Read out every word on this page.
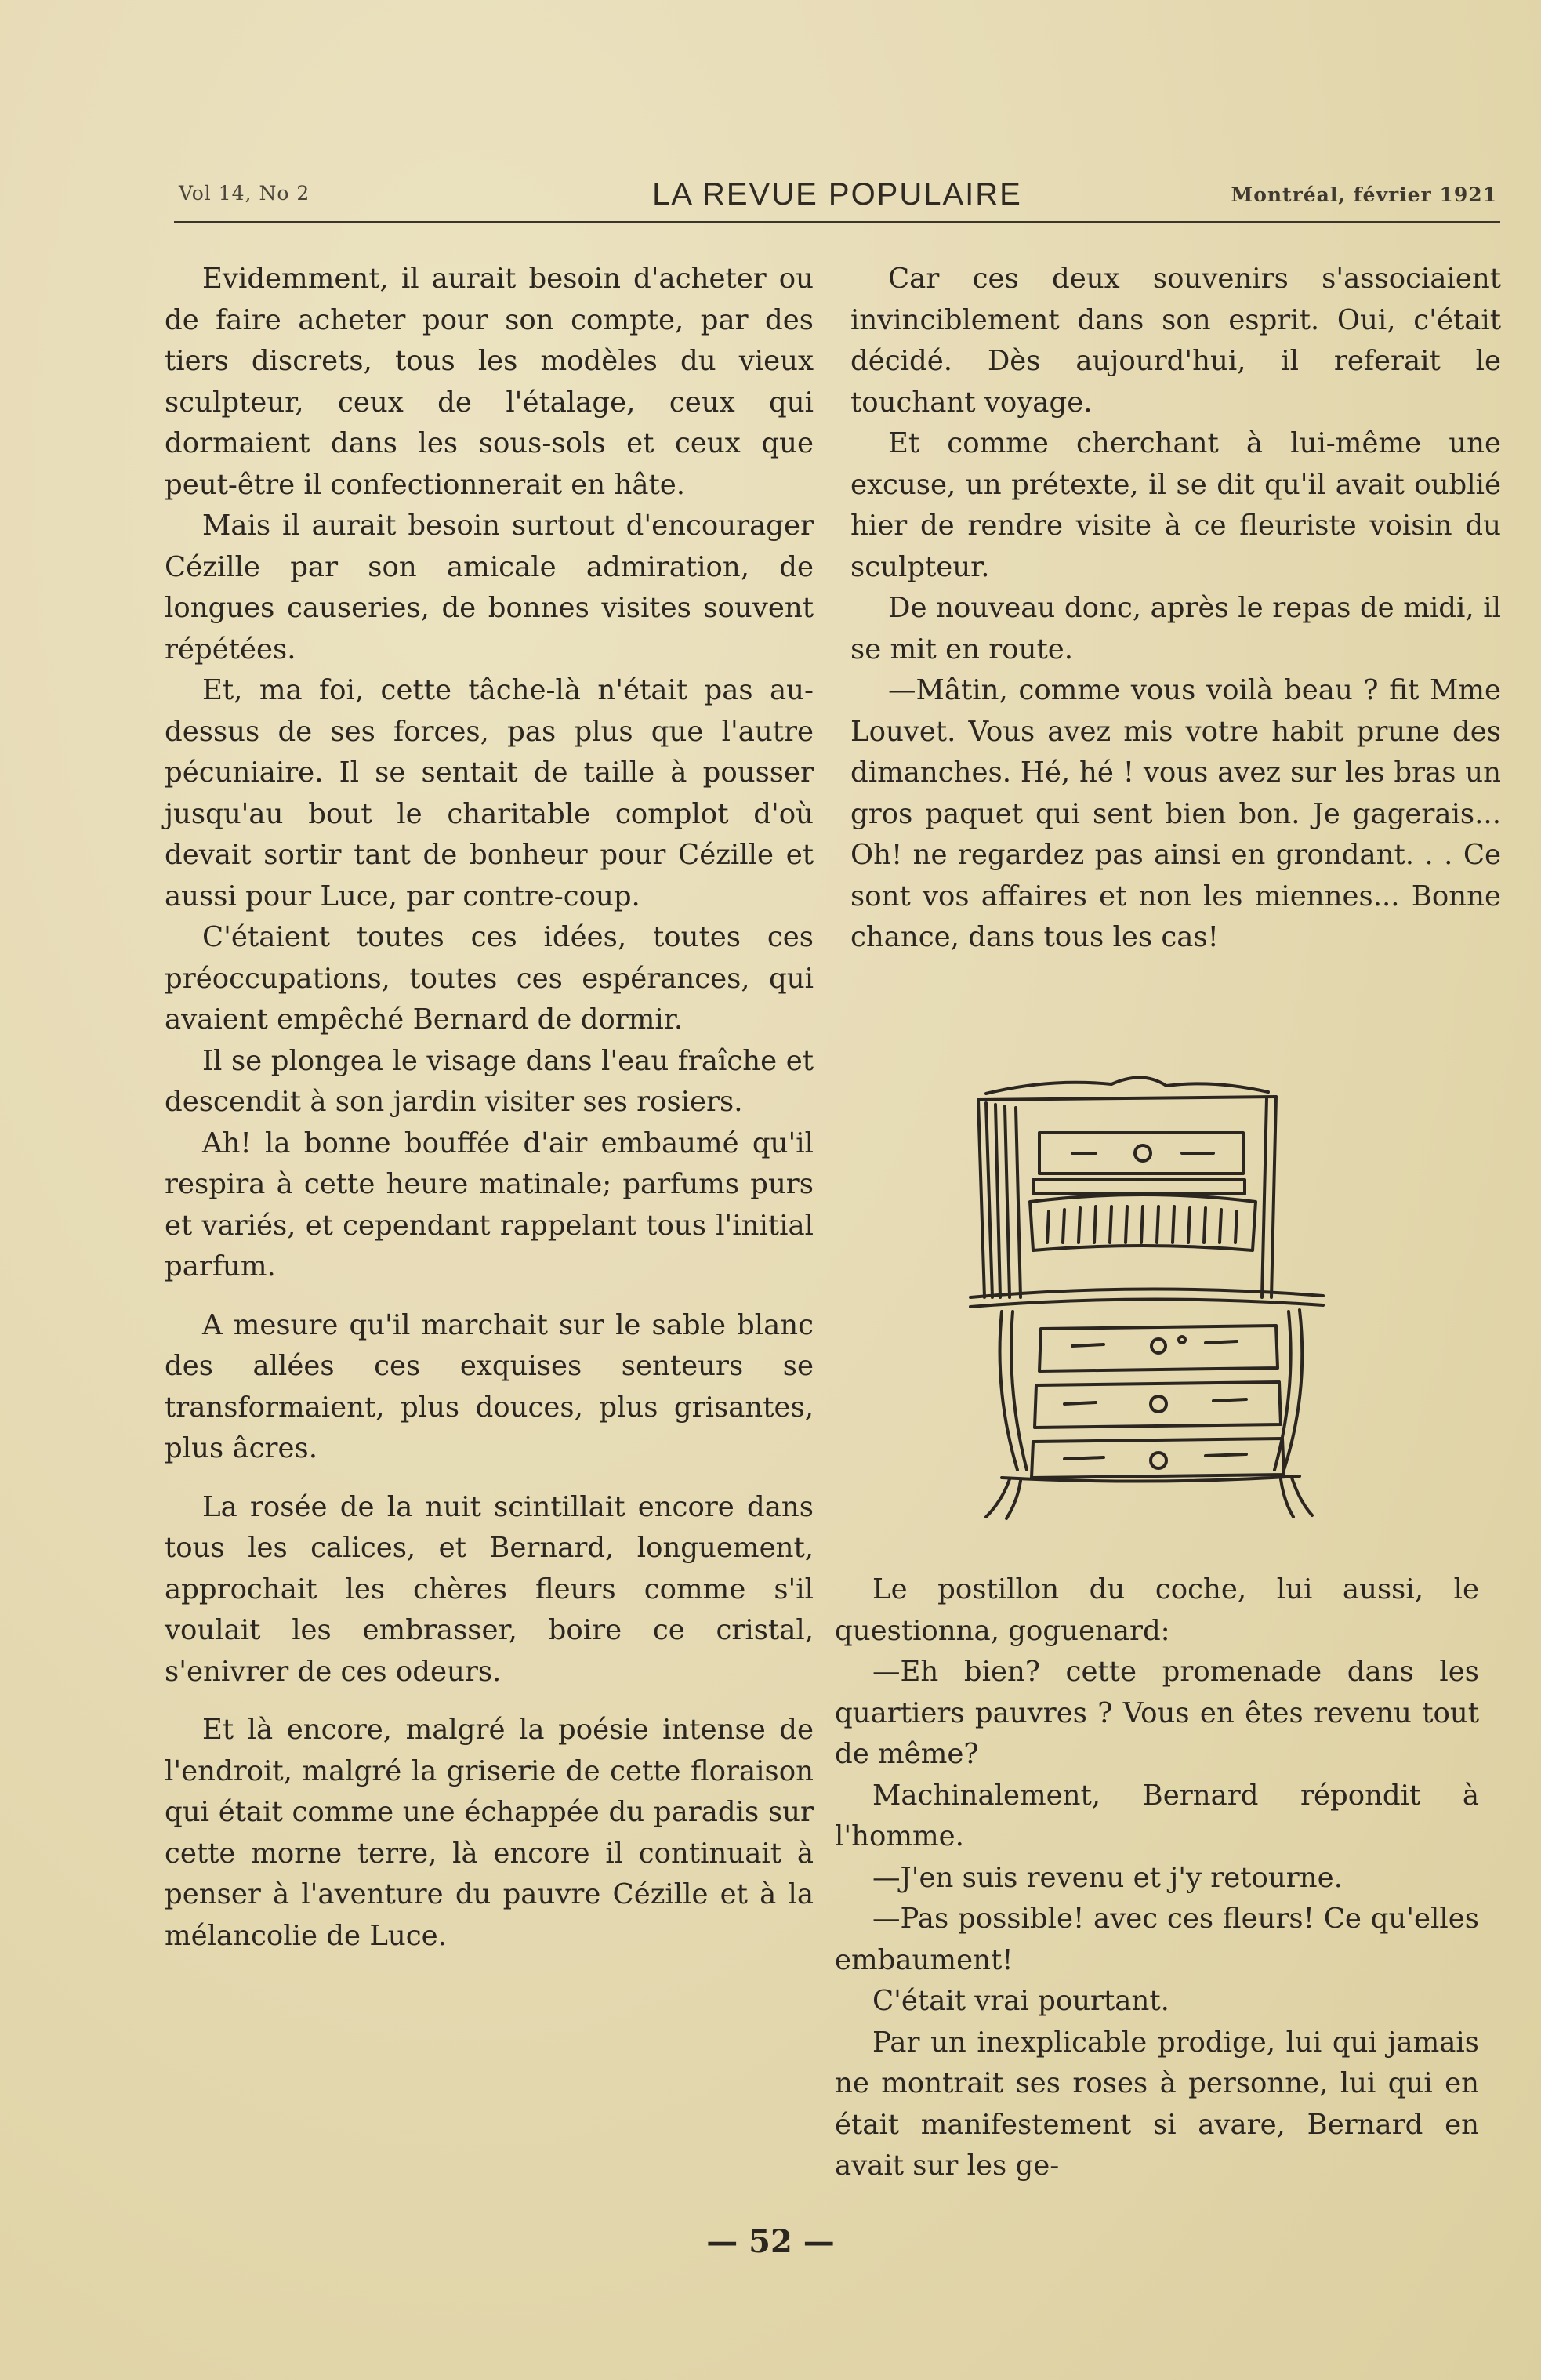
Vol 14, No 2	LA REVUE POPULAIRE	Montréal, février 1921

Evidemment, il aurait besoin d'acheter ou de faire acheter pour son compte, par des tiers discrets, tous les modèles du vieux sculpteur, ceux de l'étalage, ceux qui dormaient dans les sous-sols et ceux que peut-être il confectionnerait en hâte.

Mais il aurait besoin surtout d'encourager Cézille par son amicale admiration, de longues causeries, de bonnes visites souvent répétées.

Et, ma foi, cette tâche-là n'était pas au-dessus de ses forces, pas plus que l'autre pécuniaire. Il se sentait de taille à pousser jusqu'au bout le charitable complot d'où devait sortir tant de bonheur pour Cézille et aussi pour Luce, par contre-coup.

C'étaient toutes ces idées, toutes ces préoccupations, toutes ces espérances, qui avaient empêché Bernard de dormir.

Il se plongea le visage dans l'eau fraîche et descendit à son jardin visiter ses rosiers.

Ah! la bonne bouffée d'air embaumé qu'il respira à cette heure matinale; parfums purs et variés, et cependant rappelant tous l'initial parfum.

A mesure qu'il marchait sur le sable blanc des allées ces exquises senteurs se transformaient, plus douces, plus grisantes, plus âcres.

La rosée de la nuit scintillait encore dans tous les calices, et Bernard, longuement, approchait les chères fleurs comme s'il voulait les embrasser, boire ce cristal, s'enivrer de ces odeurs.

Et là encore, malgré la poésie intense de l'endroit, malgré la griserie de cette floraison qui était comme une échappée du paradis sur cette morne terre, là encore il continuait à penser à l'aventure du pauvre Cézille et à la mélancolie de Luce.

Car ces deux souvenirs s'associaient invinciblement dans son esprit. Oui, c'était décidé. Dès aujourd'hui, il referait le touchant voyage.

Et comme cherchant à lui-même une excuse, un prétexte, il se dit qu'il avait oublié hier de rendre visite à ce fleuriste voisin du sculpteur.

De nouveau donc, après le repas de midi, il se mit en route.

—Mâtin, comme vous voilà beau ? fit Mme Louvet. Vous avez mis votre habit prune des dimanches. Hé, hé ! vous avez sur les bras un gros paquet qui sent bien bon. Je gagerais... Oh! ne regardez pas ainsi en grondant. . . Ce sont vos affaires et non les miennes... Bonne chance, dans tous les cas!

Le postillon du coche, lui aussi, le questionna, goguenard:

—Eh bien? cette promenade dans les quartiers pauvres ? Vous en êtes revenu tout de même?

Machinalement, Bernard répondit à l'homme.

—J'en suis revenu et j'y retourne.

—Pas possible! avec ces fleurs! Ce qu'elles embaument!

C'était vrai pourtant.

Par un inexplicable prodige, lui qui jamais ne montrait ses roses à personne, lui qui en était manifestement si avare, Bernard en avait sur les ge-

— 52 —
